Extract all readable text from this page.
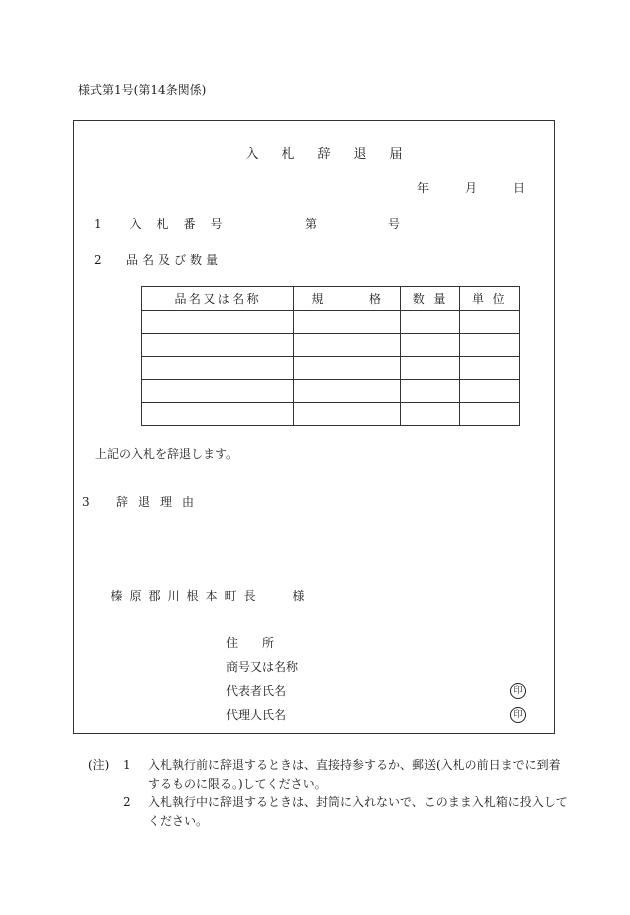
様式第1号(第14条関係)
入	札	辞	退	届
年	月	日
1	入	札	番	号	第	号
2 品 名 及 び 数 量
品名又は名称	規　　　格	数 量	単 位

上記の入札を辞退します。
3	辞 退 理 由
榛 原 郡 川 根 本 町 長	様
住　　所
商号又は名称
代表者氏名	印
代理人氏名	印
(注) 1	入札執行前に辞退するときは、直接持参するか、郵送(入札の前日までに到着するものに限る。)してください。
2	入札執行中に辞退するときは、封筒に入れないで、このまま入札箱に投入してください。
